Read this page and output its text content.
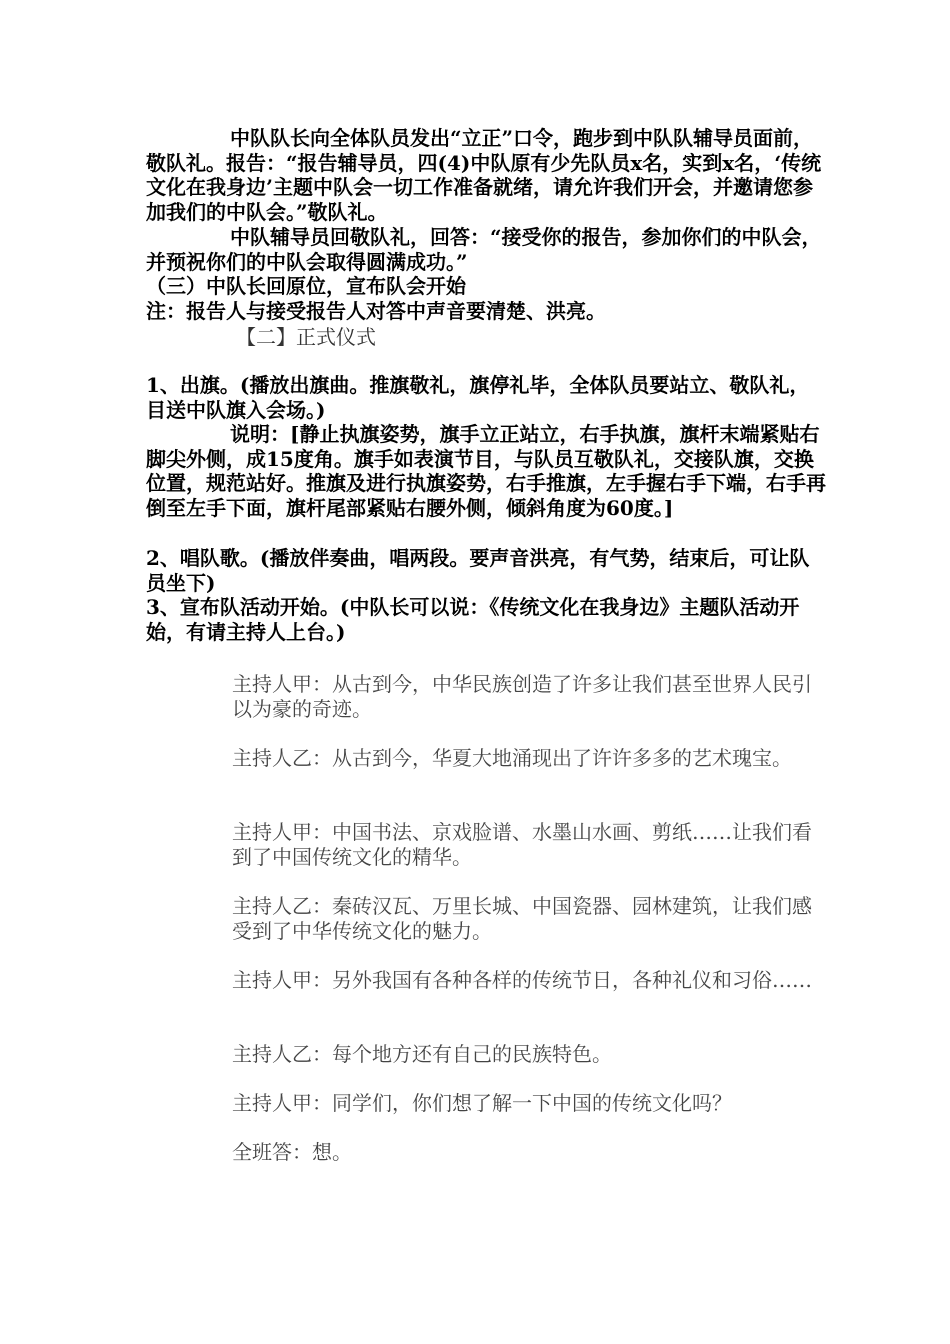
中队队长向全体队员发出“立正”口令，跑步到中队队辅导员面前，敬队礼。报告：“报告辅导员，四(4)中队原有少先队员x名，实到x名，‘传统文化在我身边’主题中队会一切工作准备就绪，请允许我们开会，并邀请您参加我们的中队会。”敬队礼。
中队辅导员回敬队礼，回答：“接受你的报告，参加你们的中队会，并预祝你们的中队会取得圆满成功。”
（三）中队长回原位，宣布队会开始
注：报告人与接受报告人对答中声音要清楚、洪亮。
【二】正式仪式
1、出旗。(播放出旗曲。推旗敬礼，旗停礼毕，全体队员要站立、敬队礼，目送中队旗入会场。)
说明：[静止执旗姿势，旗手立正站立，右手执旗，旗杆末端紧贴右脚尖外侧，成15度角。旗手如表演节目，与队员互敬队礼，交接队旗，交换位置，规范站好。推旗及进行执旗姿势，右手推旗，左手握右手下端，右手再倒至左手下面，旗杆尾部紧贴右腰外侧，倾斜角度为60度。]
2、唱队歌。(播放伴奏曲，唱两段。要声音洪亮，有气势，结束后，可让队员坐下)
3、宣布队活动开始。(中队长可以说：《传统文化在我身边》主题队活动开始，有请主持人上台。)
主持人甲：从古到今，中华民族创造了许多让我们甚至世界人民引以为豪的奇迹。
主持人乙：从古到今，华夏大地涌现出了许许多多的艺术瑰宝。
主持人甲：中国书法、京戏脸谱、水墨山水画、剪纸……让我们看到了中国传统文化的精华。
主持人乙：秦砖汉瓦、万里长城、中国瓷器、园林建筑，让我们感受到了中华传统文化的魅力。
主持人甲：另外我国有各种各样的传统节日，各种礼仪和习俗……
主持人乙：每个地方还有自己的民族特色。
主持人甲：同学们，你们想了解一下中国的传统文化吗？
全班答：想。
